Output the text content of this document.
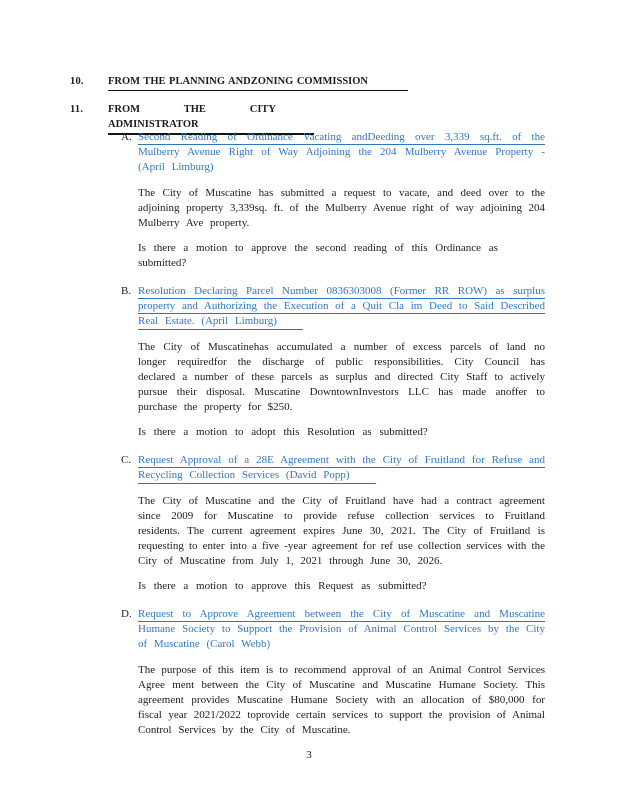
10. FROM THE PLANNING ANDZONING COMMISSION
11. FROM THE CITY ADMINISTRATOR
A. Second Reading of Ordinance Vacating andDeeding over 3,339 sq.ft. of the
Mulberry Avenue Right of Way Adjoining the 204 Mulberry Avenue Property -
(April Limburg)
The City of Muscatine has submitted a request to vacate, and deed over to the
adjoining property 3,339sq. ft. of the Mulberry Avenue right of way adjoining 204
Mulberry Ave property.
Is there a motion to approve the second reading of this Ordinance as submitted?
B. Resolution Declaring Parcel Number 0836303008 (Former RR ROW) as surplus
property and Authorizing the Execution of a Quit Cla im Deed to Said Described
Real Estate. (April Limburg)
The City of Muscatinehas accumulated a number of excess parcels of land no
longer requiredfor the discharge of public responsibilities. City Council has
declared a number of these parcels as surplus and directed City Staff to actively
pursue their disposal. Muscatine DowntownInvestors LLC has made anoffer to
purchase the property for $250.
Is there a motion to adopt this Resolution as submitted?
C. Request Approval of a 28E Agreement with the City of Fruitland for Refuse and
Recycling Collection Services (David Popp)
The City of Muscatine and the City of Fruitland have had a contract agreement
since 2009 for Muscatine to provide refuse collection services to Fruitland
residents. The current agreement expires June 30, 2021. The City of Fruitland is
requesting to enter into a five -year agreement for ref use collection services with the
City of Muscatine from July 1, 2021 through June 30, 2026.
Is there a motion to approve this Request as submitted?
D. Request to Approve Agreement between the City of Muscatine and Muscatine
Humane Society to Support the Provision of Animal Control Services by the City
of Muscatine (Carol Webb)
The purpose of this item is to recommend approval of an Animal Control Services
Agree ment between the City of Muscatine and Muscatine Humane Society. This
agreement provides Muscatine Humane Society with an allocation of $80,000 for
fiscal year 2021/2022 toprovide certain services to support the provision of Animal
Control Services by the City of Muscatine.
3
